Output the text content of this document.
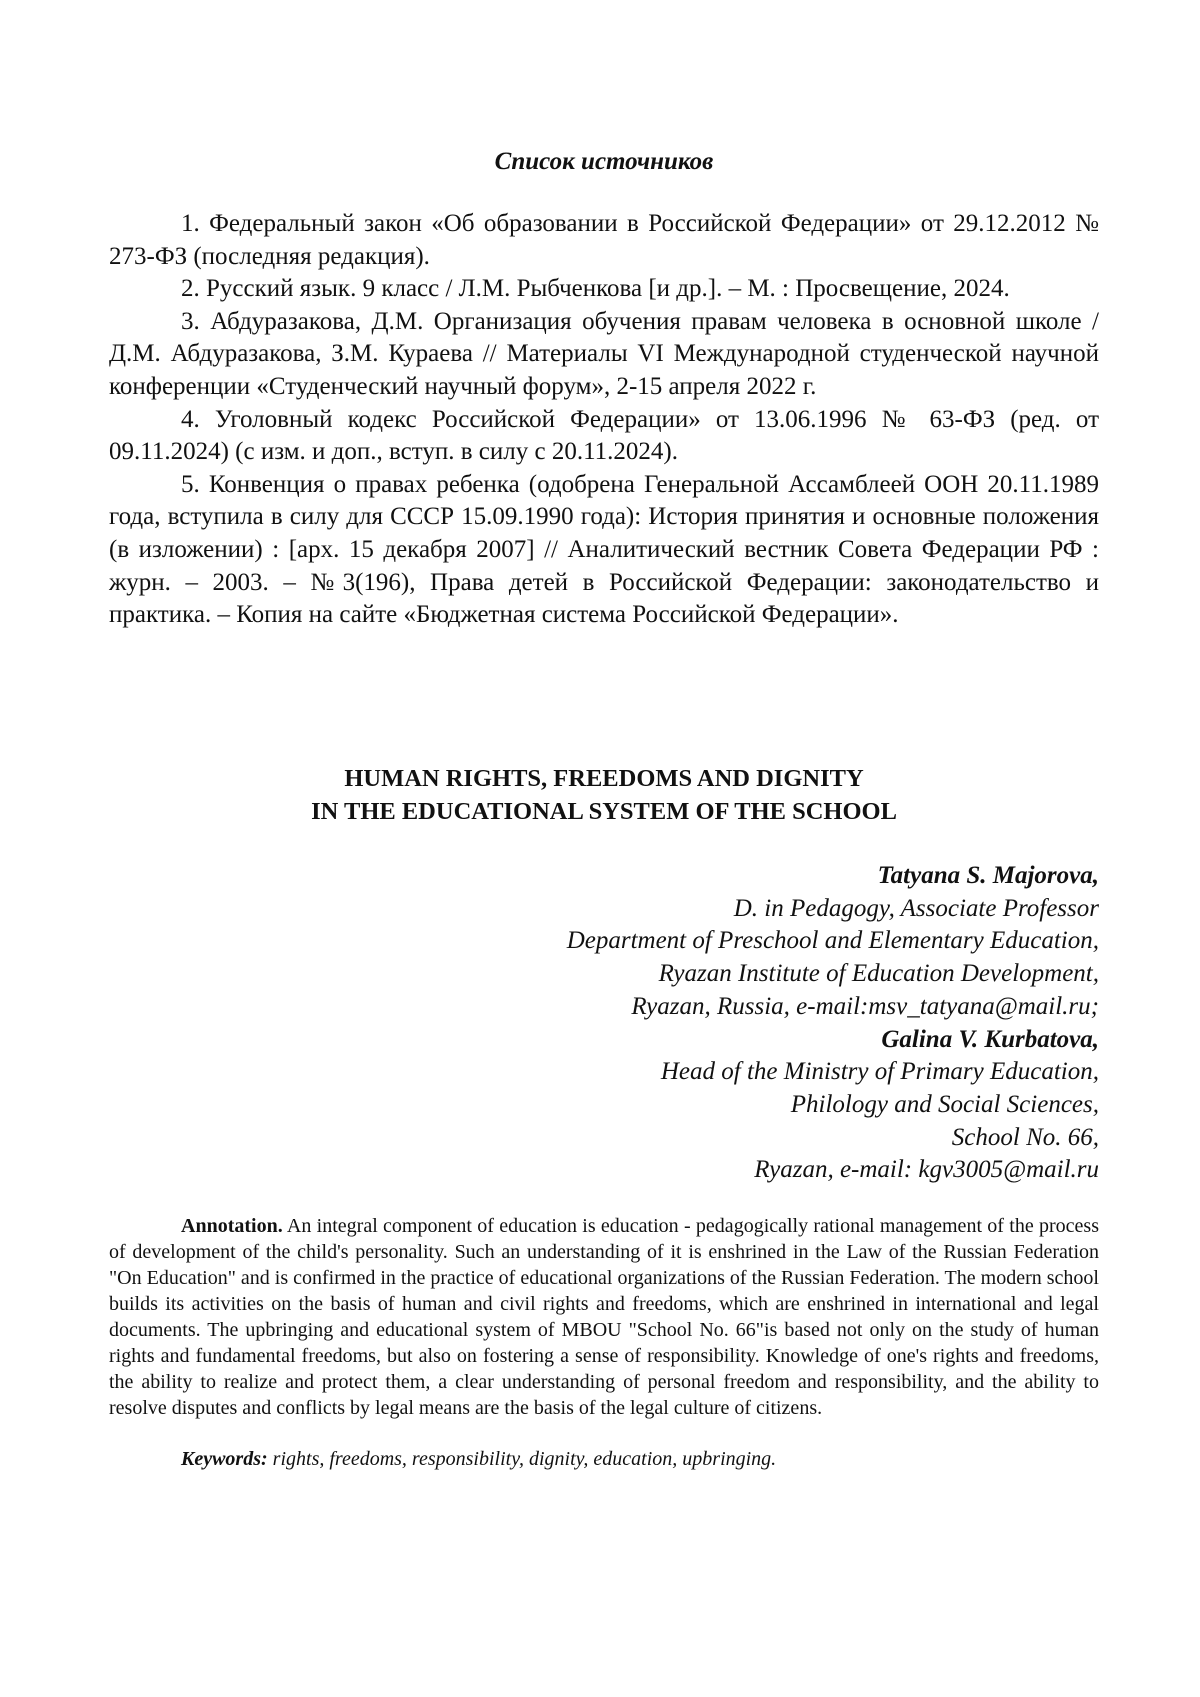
Список источников

1. Федеральный закон «Об образовании в Российской Федерации» от 29.12.2012 № 273-ФЗ (последняя редакция).

2. Русский язык. 9 класс / Л.М. Рыбченкова [и др.]. – М. : Просвещение, 2024.

3. Абдуразакова, Д.М. Организация обучения правам человека в основной школе / Д.М. Абдуразакова, З.М. Кураева // Материалы VI Международной студенческой научной конференции «Студенческий научный форум», 2-15 апреля 2022 г.

4. Уголовный кодекс Российской Федерации» от 13.06.1996 № 63-ФЗ (ред. от 09.11.2024) (с изм. и доп., вступ. в силу с 20.11.2024).

5. Конвенция о правах ребенка (одобрена Генеральной Ассамблеей ООН 20.11.1989 года, вступила в силу для СССР 15.09.1990 года): История принятия и основные положения (в изложении) : [арх. 15 декабря 2007] // Аналитический вестник Совета Федерации РФ : журн. – 2003. – №3(196), Права детей в Российской Федерации: законодательство и практика. – Копия на сайте «Бюджетная система Российской Федерации».

HUMAN RIGHTS, FREEDOMS AND DIGNITY
IN THE EDUCATIONAL SYSTEM OF THE SCHOOL
Tatyana S. Majorova,
D. in Pedagogy, Associate Professor
Department of Preschool and Elementary Education,
Ryazan Institute of Education Development,
Ryazan, Russia, e-mail:msv_tatyana@mail.ru;
Galina V. Kurbatova,
Head of the Ministry of Primary Education,
Philology and Social Sciences,
School No. 66,
Ryazan, e-mail: kgv3005@mail.ru

Annotation. An integral component of education is education - pedagogically rational management of the process of development of the child's personality. Such an understanding of it is enshrined in the Law of the Russian Federation "On Education" and is confirmed in the practice of educational organizations of the Russian Federation. The modern school builds its activities on the basis of human and civil rights and freedoms, which are enshrined in international and legal documents. The upbringing and educational system of MBOU "School No. 66"is based not only on the study of human rights and fundamental freedoms, but also on fostering a sense of responsibility. Knowledge of one's rights and freedoms, the ability to realize and protect them, a clear understanding of personal freedom and responsibility, and the ability to resolve disputes and conflicts by legal means are the basis of the legal culture of citizens.

Keywords: rights, freedoms, responsibility, dignity, education, upbringing.
